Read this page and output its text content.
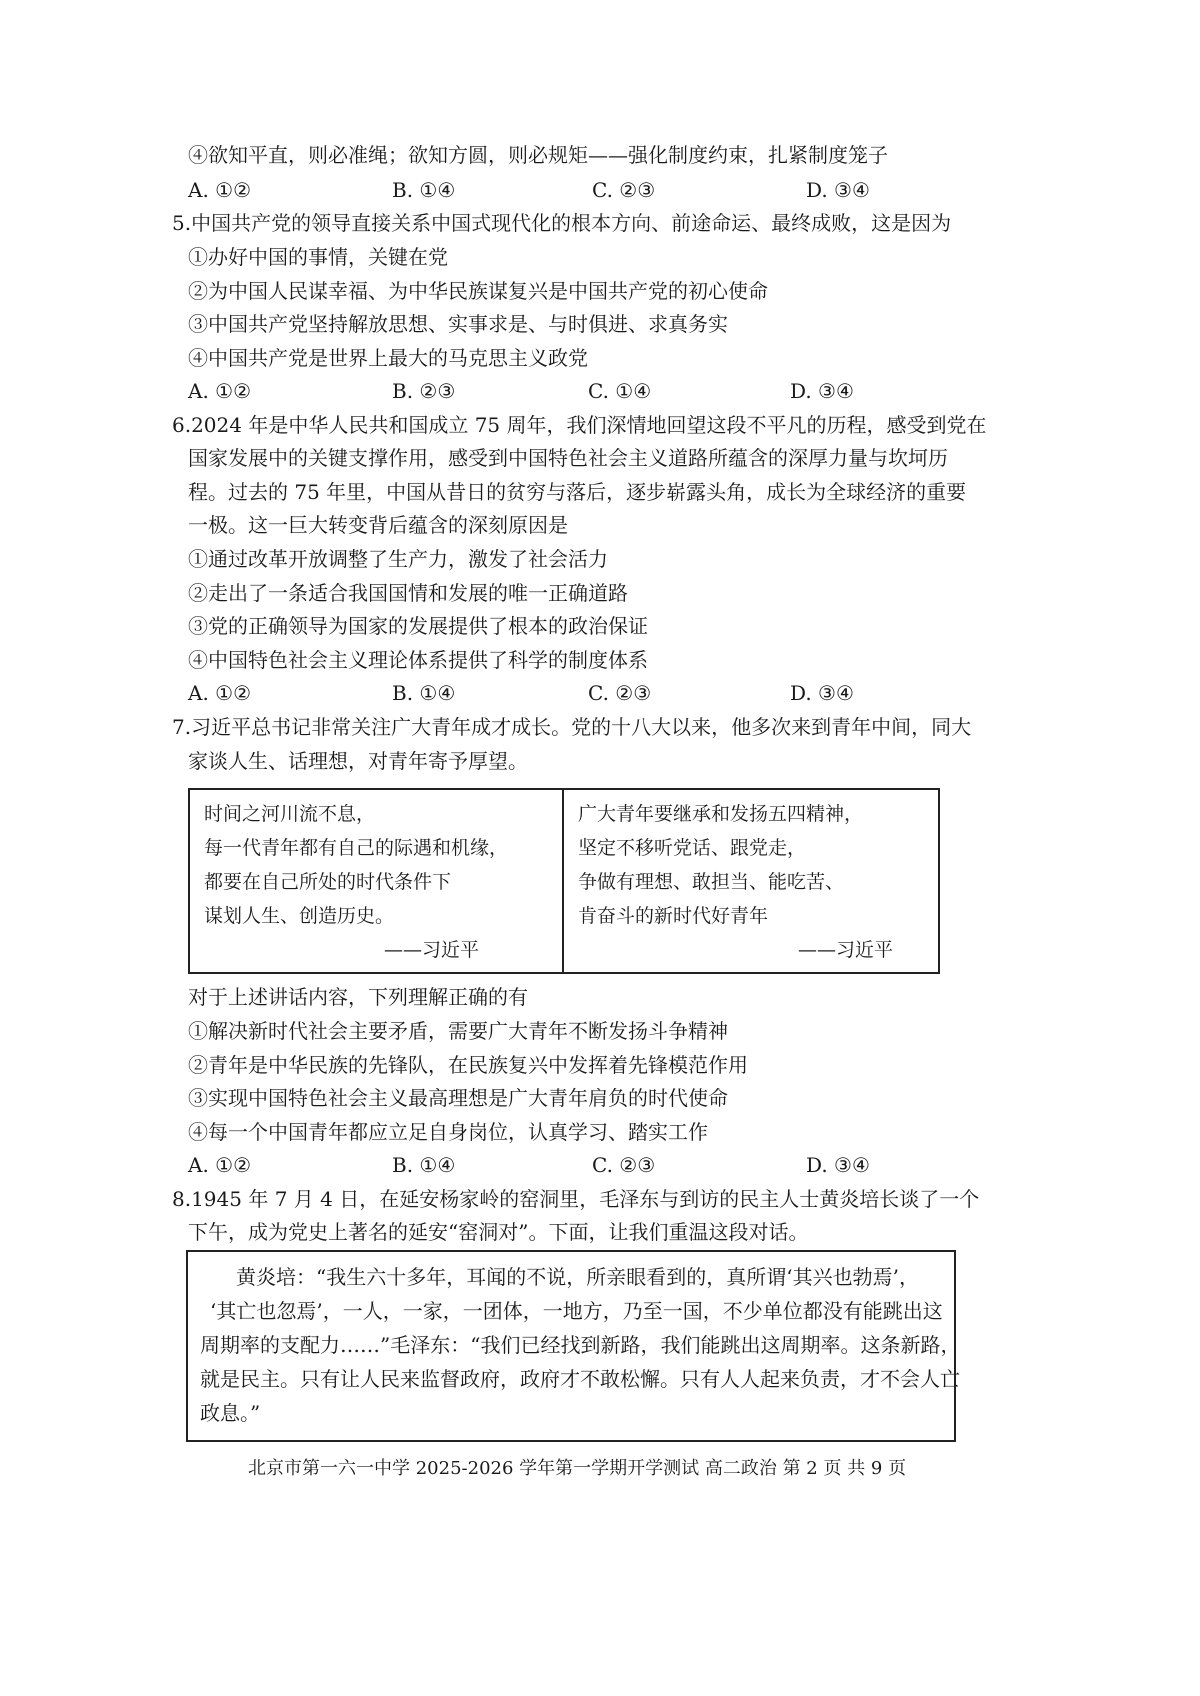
④欲知平直，则必准绳；欲知方圆，则必规矩——强化制度约束，扎紧制度笼子
A. ①②	B. ①④	C. ②③	D. ③④
5.中国共产党的领导直接关系中国式现代化的根本方向、前途命运、最终成败，这是因为
①办好中国的事情，关键在党
②为中国人民谋幸福、为中华民族谋复兴是中国共产党的初心使命
③中国共产党坚持解放思想、实事求是、与时俱进、求真务实
④中国共产党是世界上最大的马克思主义政党
A. ①②	B. ②③	C. ①④	D. ③④
6.2024 年是中华人民共和国成立 75 周年，我们深情地回望这段不平凡的历程，感受到党在
国家发展中的关键支撑作用，感受到中国特色社会主义道路所蕴含的深厚力量与坎坷历
程。过去的 75 年里，中国从昔日的贫穷与落后，逐步崭露头角，成长为全球经济的重要
一极。这一巨大转变背后蕴含的深刻原因是
①通过改革开放调整了生产力，激发了社会活力
②走出了一条适合我国国情和发展的唯一正确道路
③党的正确领导为国家的发展提供了根本的政治保证
④中国特色社会主义理论体系提供了科学的制度体系
A. ①②	B. ①④	C. ②③	D. ③④
7.习近平总书记非常关注广大青年成才成长。党的十八大以来，他多次来到青年中间，同大
家谈人生、话理想，对青年寄予厚望。
时间之河川流不息，
每一代青年都有自己的际遇和机缘，
都要在自己所处的时代条件下
谋划人生、创造历史。
——习近平
广大青年要继承和发扬五四精神，
坚定不移听党话、跟党走，
争做有理想、敢担当、能吃苦、
肯奋斗的新时代好青年
——习近平
对于上述讲话内容，下列理解正确的有
①解决新时代社会主要矛盾，需要广大青年不断发扬斗争精神
②青年是中华民族的先锋队，在民族复兴中发挥着先锋模范作用
③实现中国特色社会主义最高理想是广大青年肩负的时代使命
④每一个中国青年都应立足自身岗位，认真学习、踏实工作
A. ①②	B. ①④	C. ②③	D. ③④
8.1945 年 7 月 4 日，在延安杨家岭的窑洞里，毛泽东与到访的民主人士黄炎培长谈了一个
下午，成为党史上著名的延安“窑洞对”。下面，让我们重温这段对话。
黄炎培：“我生六十多年，耳闻的不说，所亲眼看到的，真所谓‘其兴也勃焉’，
‘其亡也忽焉’，一人，一家，一团体，一地方，乃至一国，不少单位都没有能跳出这
周期率的支配力……”毛泽东：“我们已经找到新路，我们能跳出这周期率。这条新路，
就是民主。只有让人民来监督政府，政府才不敢松懈。只有人人起来负责，才不会人亡
政息。”
北京市第一六一中学 2025-2026 学年第一学期开学测试 高二政治 第 2 页 共 9 页
